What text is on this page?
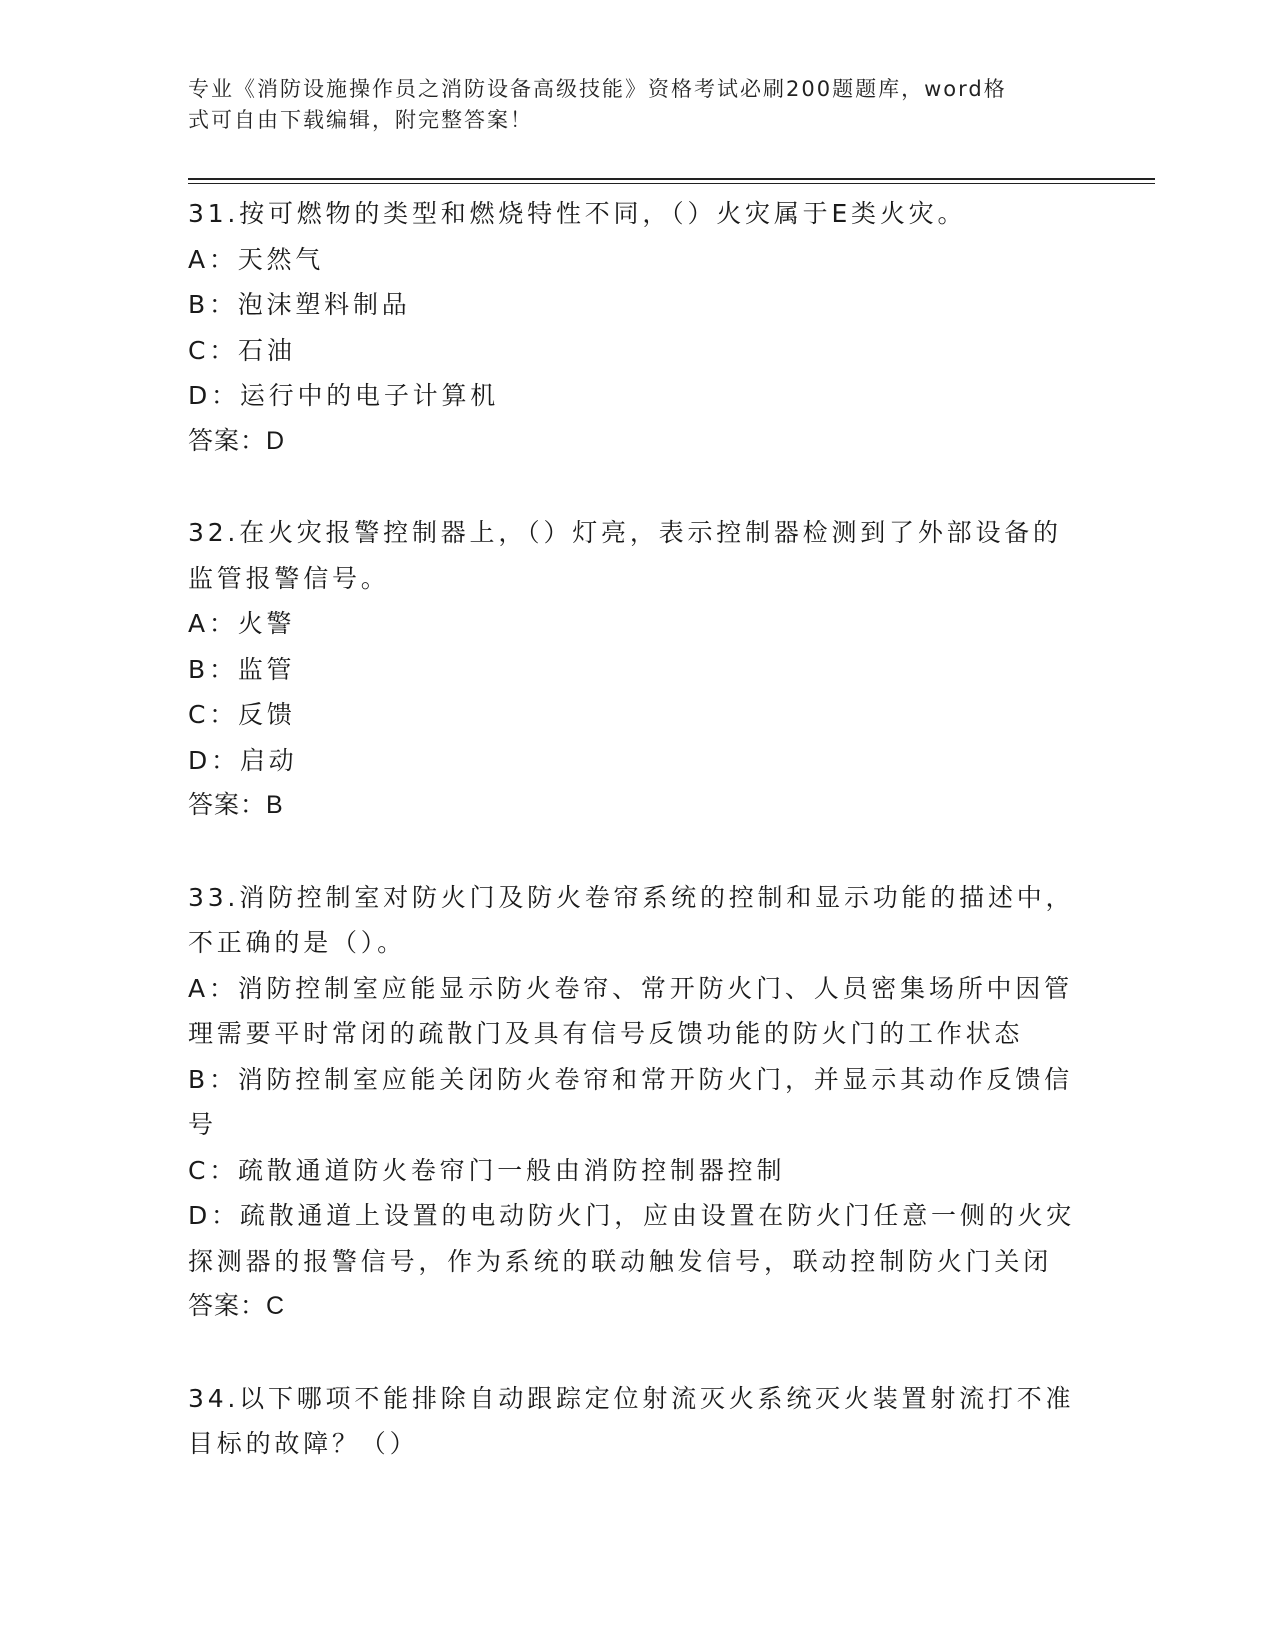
专业《消防设施操作员之消防设备高级技能》资格考试必刷200题题库，word格
式可自由下载编辑，附完整答案！
31.按可燃物的类型和燃烧特性不同，（）火灾属于E类火灾。
A：天然气
B：泡沫塑料制品
C：石油
D：运行中的电子计算机
答案：D
32.在火灾报警控制器上，（）灯亮，表示控制器检测到了外部设备的
监管报警信号。
A：火警
B：监管
C：反馈
D：启动
答案：B
33.消防控制室对防火门及防火卷帘系统的控制和显示功能的描述中，
不正确的是（）。
A：消防控制室应能显示防火卷帘、常开防火门、人员密集场所中因管
理需要平时常闭的疏散门及具有信号反馈功能的防火门的工作状态
B：消防控制室应能关闭防火卷帘和常开防火门，并显示其动作反馈信
号
C：疏散通道防火卷帘门一般由消防控制器控制
D：疏散通道上设置的电动防火门，应由设置在防火门任意一侧的火灾
探测器的报警信号，作为系统的联动触发信号，联动控制防火门关闭
答案：C
34.以下哪项不能排除自动跟踪定位射流灭火系统灭火装置射流打不准
目标的故障？（）
